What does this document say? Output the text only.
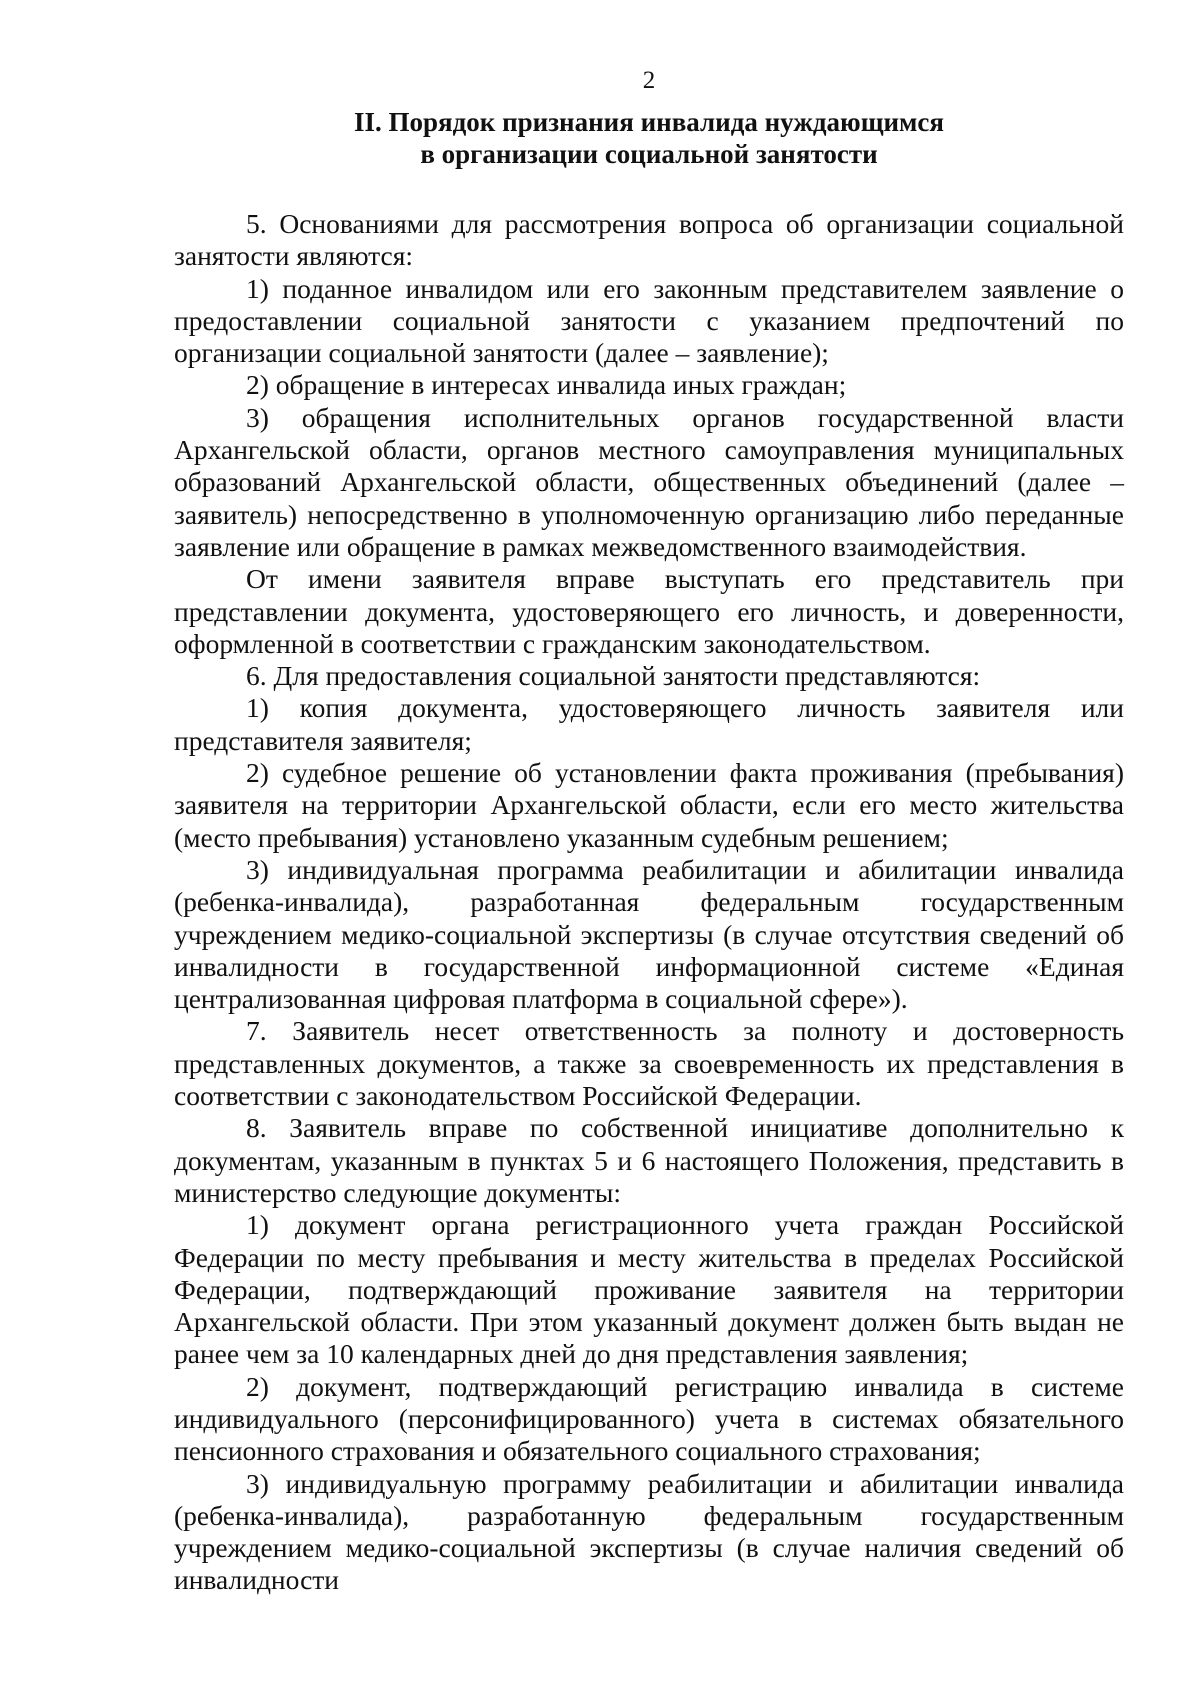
2
II. Порядок признания инвалида нуждающимся
в организации социальной занятости

5. Основаниями для рассмотрения вопроса об организации социальной занятости являются:

1) поданное инвалидом или его законным представителем заявление о предоставлении социальной занятости с указанием предпочтений по организации социальной занятости (далее – заявление);

2) обращение в интересах инвалида иных граждан;

3) обращения исполнительных органов государственной власти Архангельской области, органов местного самоуправления муниципальных образований Архангельской области, общественных объединений (далее – заявитель) непосредственно в уполномоченную организацию либо переданные заявление или обращение в рамках межведомственного взаимодействия.

От имени заявителя вправе выступать его представитель при представлении документа, удостоверяющего его личность, и доверенности, оформленной в соответствии с гражданским законодательством.

6. Для предоставления социальной занятости представляются:

1) копия документа, удостоверяющего личность заявителя или представителя заявителя;

2) судебное решение об установлении факта проживания (пребывания) заявителя на территории Архангельской области, если его место жительства (место пребывания) установлено указанным судебным решением;

3) индивидуальная программа реабилитации и абилитации инвалида (ребенка-инвалида), разработанная федеральным государственным учреждением медико-социальной экспертизы (в случае отсутствия сведений об инвалидности в государственной информационной системе «Единая централизованная цифровая платформа в социальной сфере»).

7. Заявитель несет ответственность за полноту и достоверность представленных документов, а также за своевременность их представления в соответствии с законодательством Российской Федерации.

8. Заявитель вправе по собственной инициативе дополнительно к документам, указанным в пунктах 5 и 6 настоящего Положения, представить в министерство следующие документы:

1) документ органа регистрационного учета граждан Российской Федерации по месту пребывания и месту жительства в пределах Российской Федерации, подтверждающий проживание заявителя на территории Архангельской области. При этом указанный документ должен быть выдан не ранее чем за 10 календарных дней до дня представления заявления;

2) документ, подтверждающий регистрацию инвалида в системе индивидуального (персонифицированного) учета в системах обязательного пенсионного страхования и обязательного социального страхования;

3) индивидуальную программу реабилитации и абилитации инвалида (ребенка-инвалида), разработанную федеральным государственным учреждением медико-социальной экспертизы (в случае наличия сведений об инвалидности
